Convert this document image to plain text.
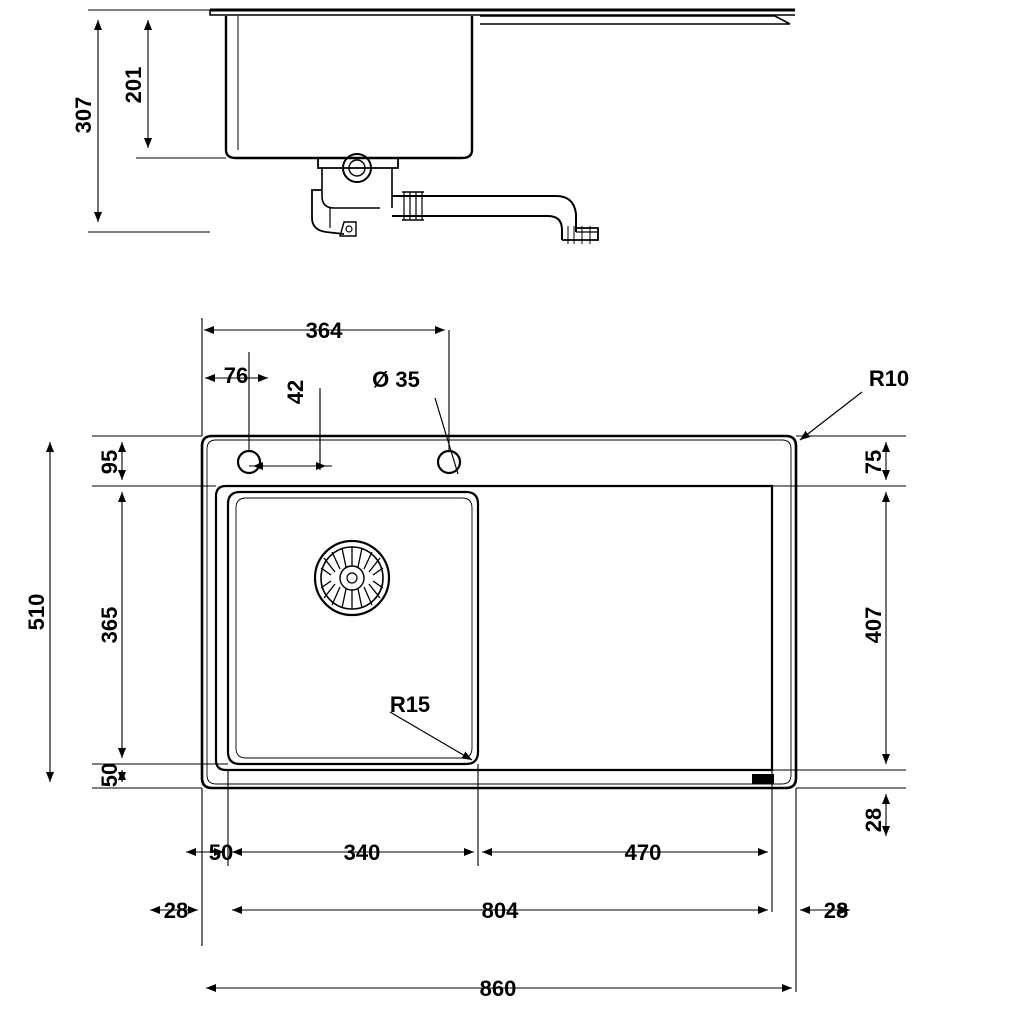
201
307
364
76
42	Ø 35	R10
R15
95
365
50
510
75
407
28
50	340	470
28	804	28
860
